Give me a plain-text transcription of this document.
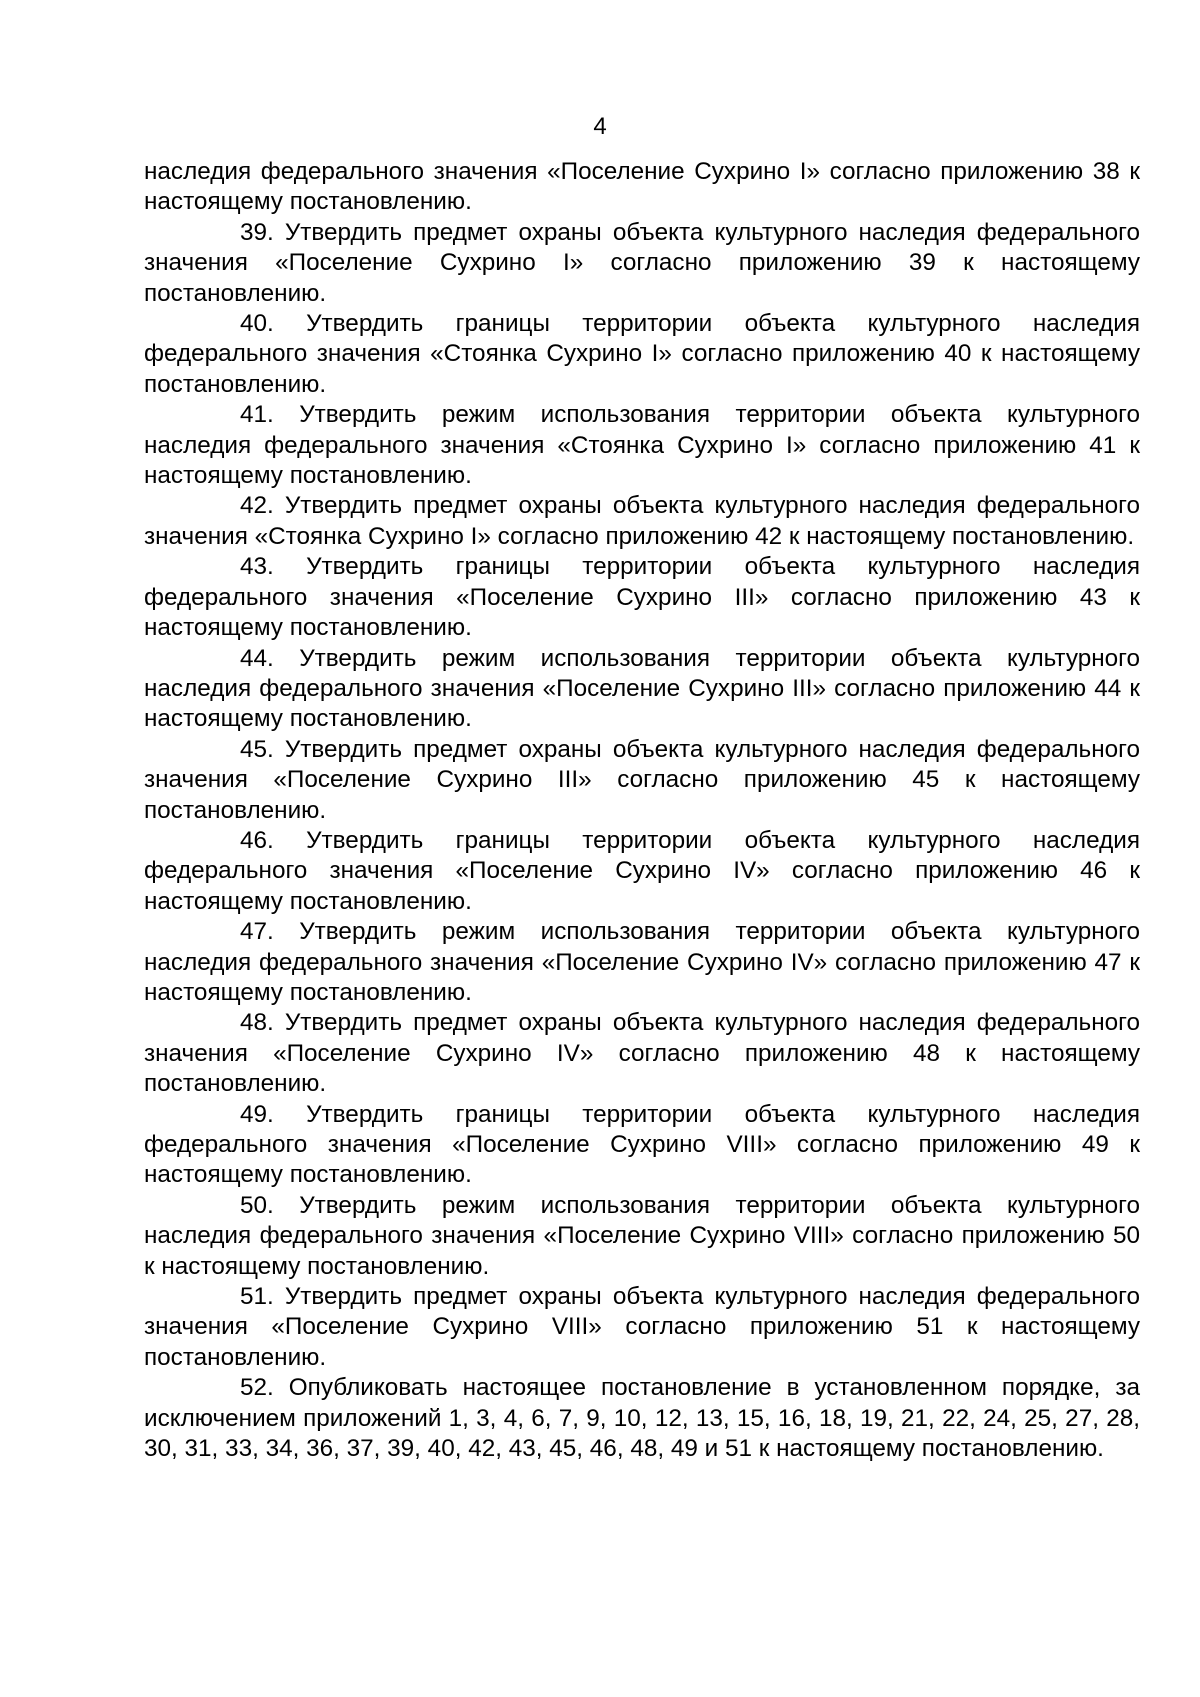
4

наследия федерального значения «Поселение Сухрино I» согласно приложению 38 к настоящему постановлению.

39. Утвердить предмет охраны объекта культурного наследия федерального значения «Поселение Сухрино I» согласно приложению 39 к настоящему постановлению.

40. Утвердить границы территории объекта культурного наследия федерального значения «Стоянка Сухрино I» согласно приложению 40 к настоящему постановлению.

41. Утвердить режим использования территории объекта культурного наследия федерального значения «Стоянка Сухрино I» согласно приложению 41 к настоящему постановлению.

42. Утвердить предмет охраны объекта культурного наследия федерального значения «Стоянка Сухрино I» согласно приложению 42 к настоящему постановлению.

43. Утвердить границы территории объекта культурного наследия федерального значения «Поселение Сухрино III» согласно приложению 43 к настоящему постановлению.

44. Утвердить режим использования территории объекта культурного наследия федерального значения «Поселение Сухрино III» согласно приложению 44 к настоящему постановлению.

45. Утвердить предмет охраны объекта культурного наследия федерального значения «Поселение Сухрино III» согласно приложению 45 к настоящему постановлению.

46. Утвердить границы территории объекта культурного наследия федерального значения «Поселение Сухрино IV» согласно приложению 46 к настоящему постановлению.

47. Утвердить режим использования территории объекта культурного наследия федерального значения «Поселение Сухрино IV» согласно приложению 47 к настоящему постановлению.

48. Утвердить предмет охраны объекта культурного наследия федерального значения «Поселение Сухрино IV» согласно приложению 48 к настоящему постановлению.

49. Утвердить границы территории объекта культурного наследия федерального значения «Поселение Сухрино VIII» согласно приложению 49 к настоящему постановлению.

50. Утвердить режим использования территории объекта культурного наследия федерального значения «Поселение Сухрино VIII» согласно приложению 50 к настоящему постановлению.

51. Утвердить предмет охраны объекта культурного наследия федерального значения «Поселение Сухрино VIII» согласно приложению 51 к настоящему постановлению.

52. Опубликовать настоящее постановление в установленном порядке, за исключением приложений 1, 3, 4, 6, 7, 9, 10, 12, 13, 15, 16, 18, 19, 21, 22, 24, 25, 27, 28, 30, 31, 33, 34, 36, 37, 39, 40, 42, 43, 45, 46, 48, 49 и 51 к настоящему постановлению.
